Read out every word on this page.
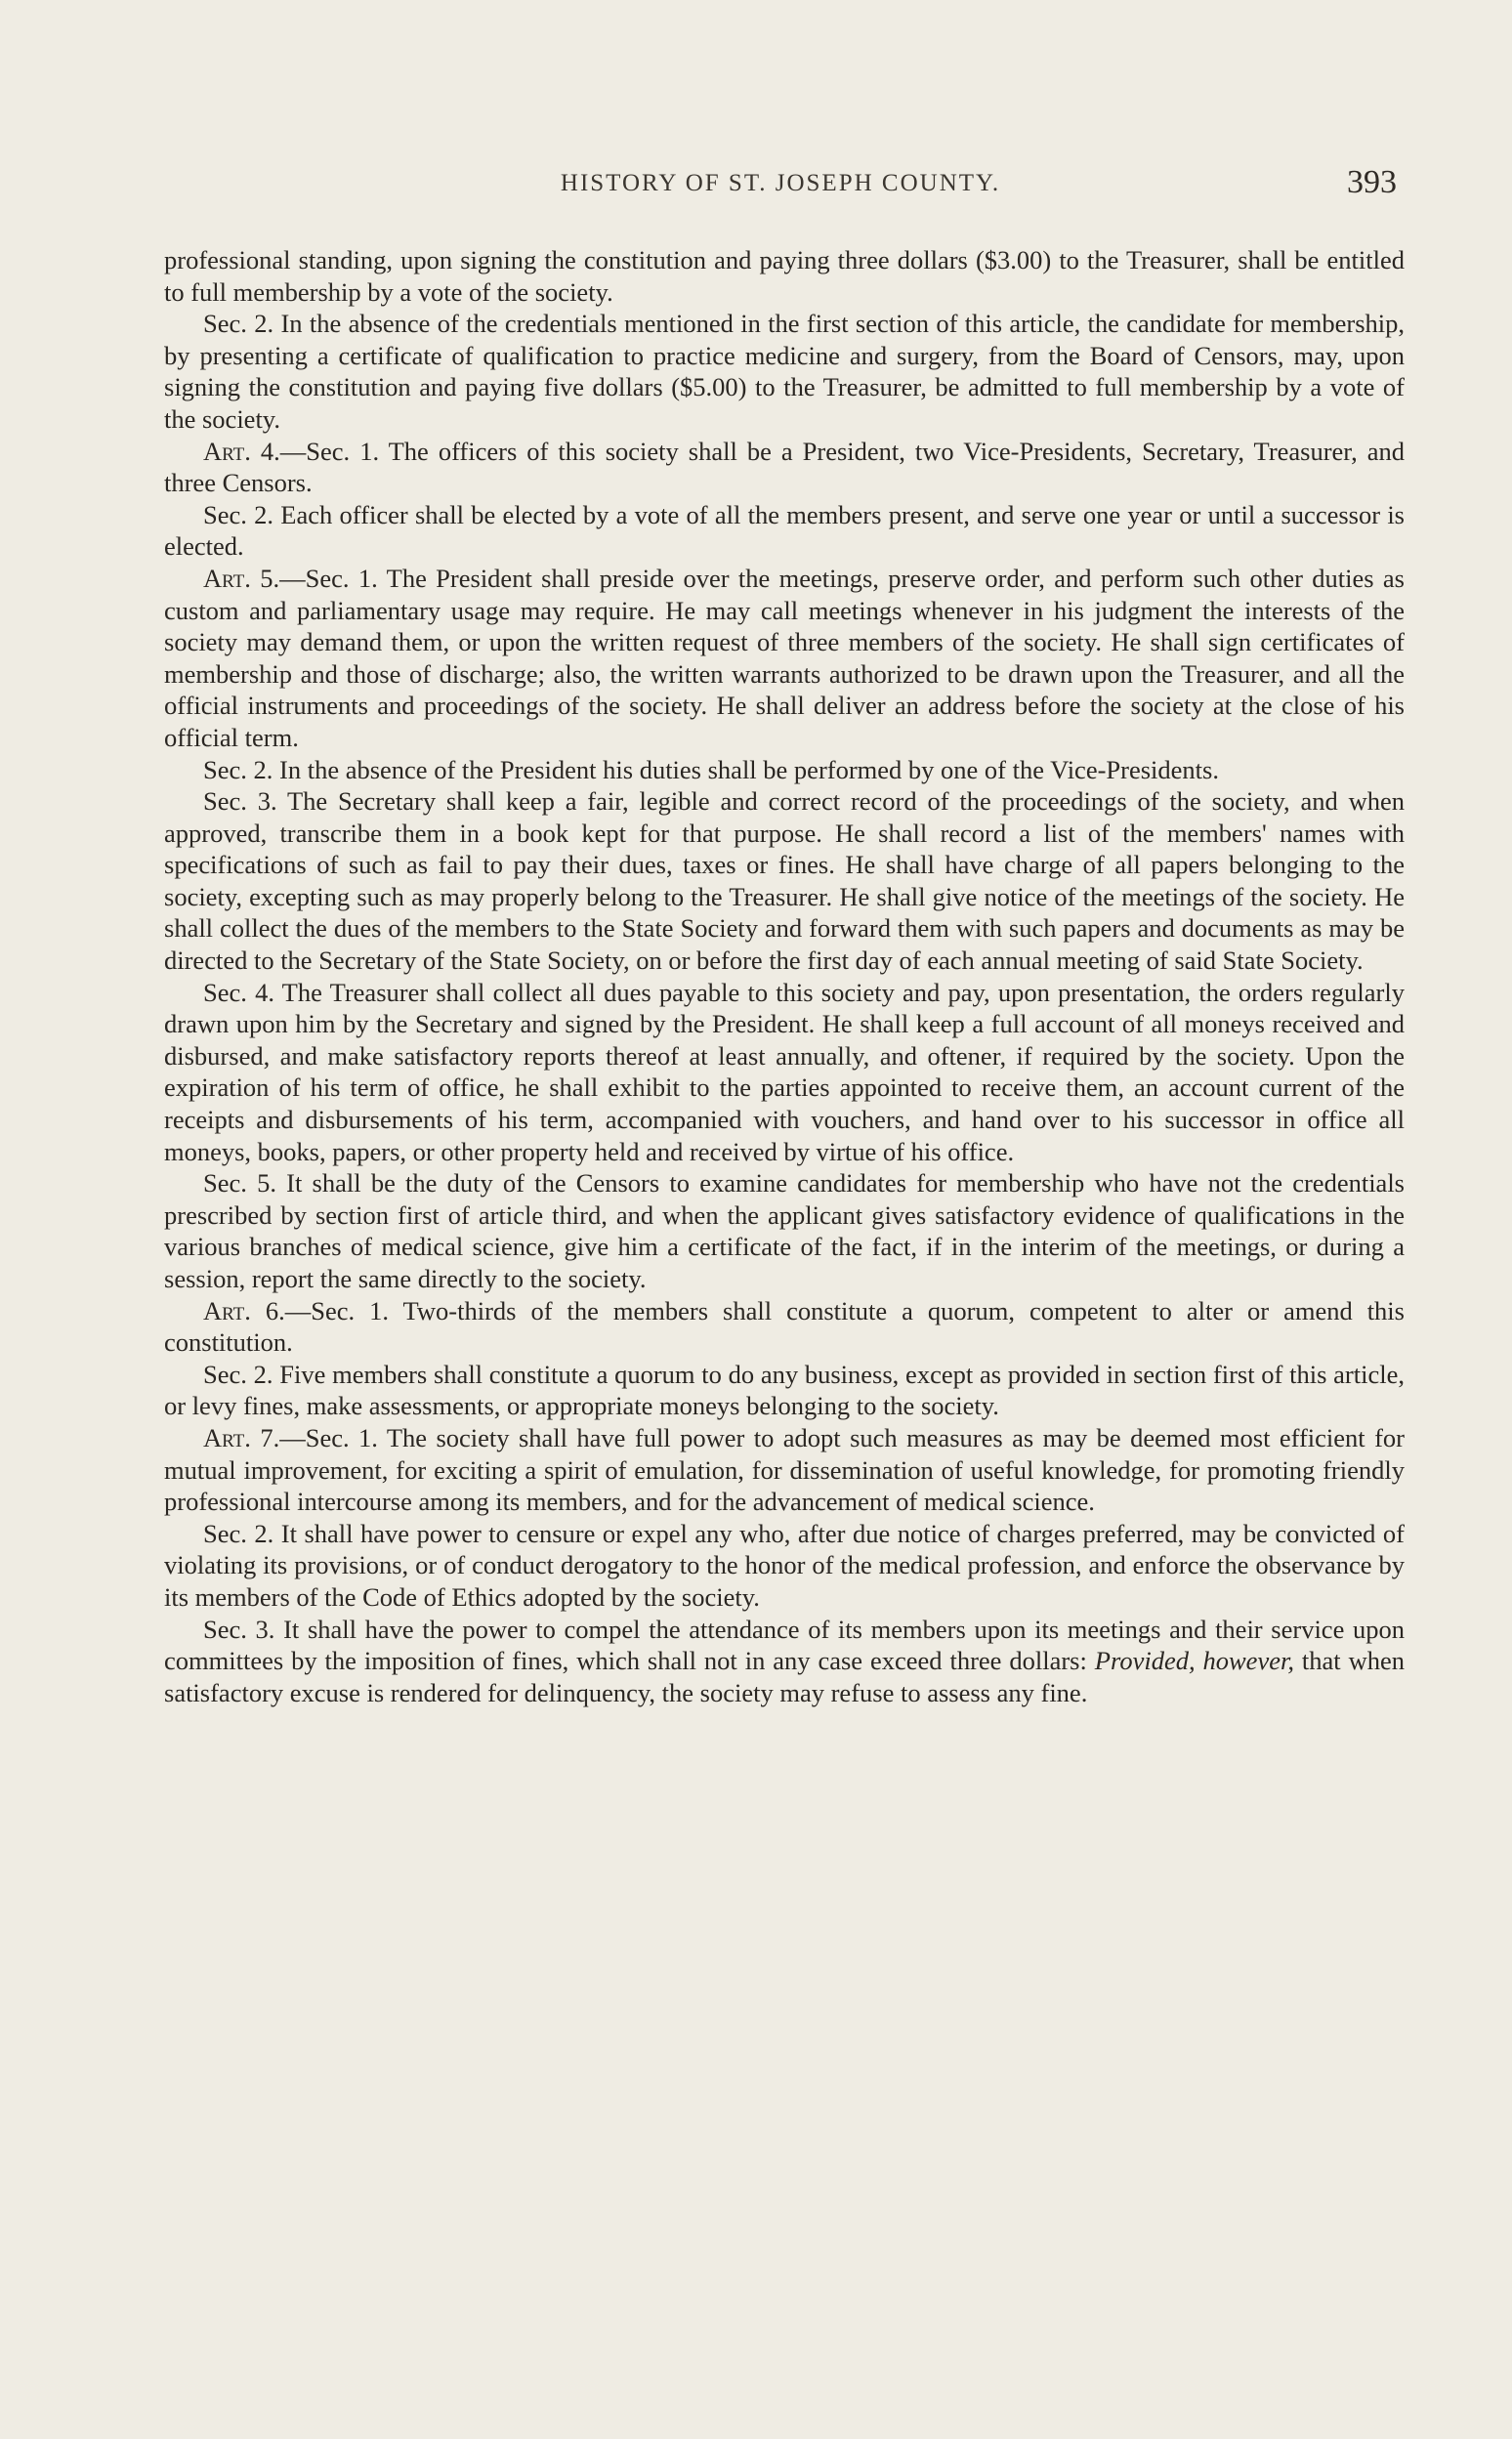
HISTORY OF ST. JOSEPH COUNTY.	393

professional standing, upon signing the constitution and paying three dollars ($3.00) to the Treasurer, shall be entitled to full membership by a vote of the society.

Sec. 2. In the absence of the credentials mentioned in the first section of this article, the candidate for membership, by presenting a certificate of qualification to practice medicine and surgery, from the Board of Censors, may, upon signing the constitution and paying five dollars ($5.00) to the Treasurer, be admitted to full membership by a vote of the society.

Art. 4.—Sec. 1. The officers of this society shall be a President, two Vice-Presidents, Secretary, Treasurer, and three Censors.

Sec. 2. Each officer shall be elected by a vote of all the members present, and serve one year or until a successor is elected.

Art. 5.—Sec. 1. The President shall preside over the meetings, preserve order, and perform such other duties as custom and parliamentary usage may require. He may call meetings whenever in his judgment the interests of the society may demand them, or upon the written request of three members of the society. He shall sign certificates of membership and those of discharge; also, the written warrants authorized to be drawn upon the Treasurer, and all the official instruments and proceedings of the society. He shall deliver an address before the society at the close of his official term.

Sec. 2. In the absence of the President his duties shall be performed by one of the Vice-Presidents.

Sec. 3. The Secretary shall keep a fair, legible and correct record of the proceedings of the society, and when approved, transcribe them in a book kept for that purpose. He shall record a list of the members' names with specifications of such as fail to pay their dues, taxes or fines. He shall have charge of all papers belonging to the society, excepting such as may properly belong to the Treasurer. He shall give notice of the meetings of the society. He shall collect the dues of the members to the State Society and forward them with such papers and documents as may be directed to the Secretary of the State Society, on or before the first day of each annual meeting of said State Society.

Sec. 4. The Treasurer shall collect all dues payable to this society and pay, upon presentation, the orders regularly drawn upon him by the Secretary and signed by the President. He shall keep a full account of all moneys received and disbursed, and make satisfactory reports thereof at least annually, and oftener, if required by the society. Upon the expiration of his term of office, he shall exhibit to the parties appointed to receive them, an account current of the receipts and disbursements of his term, accompanied with vouchers, and hand over to his successor in office all moneys, books, papers, or other property held and received by virtue of his office.

Sec. 5. It shall be the duty of the Censors to examine candidates for membership who have not the credentials prescribed by section first of article third, and when the applicant gives satisfactory evidence of qualifications in the various branches of medical science, give him a certificate of the fact, if in the interim of the meetings, or during a session, report the same directly to the society.

Art. 6.—Sec. 1. Two-thirds of the members shall constitute a quorum, competent to alter or amend this constitution.

Sec. 2. Five members shall constitute a quorum to do any business, except as provided in section first of this article, or levy fines, make assessments, or appropriate moneys belonging to the society.

Art. 7.—Sec. 1. The society shall have full power to adopt such measures as may be deemed most efficient for mutual improvement, for exciting a spirit of emulation, for dissemination of useful knowledge, for promoting friendly professional intercourse among its members, and for the advancement of medical science.

Sec. 2. It shall have power to censure or expel any who, after due notice of charges preferred, may be convicted of violating its provisions, or of conduct derogatory to the honor of the medical profession, and enforce the observance by its members of the Code of Ethics adopted by the society.

Sec. 3. It shall have the power to compel the attendance of its members upon its meetings and their service upon committees by the imposition of fines, which shall not in any case exceed three dollars: Provided, however, that when satisfactory excuse is rendered for delinquency, the society may refuse to assess any fine.
